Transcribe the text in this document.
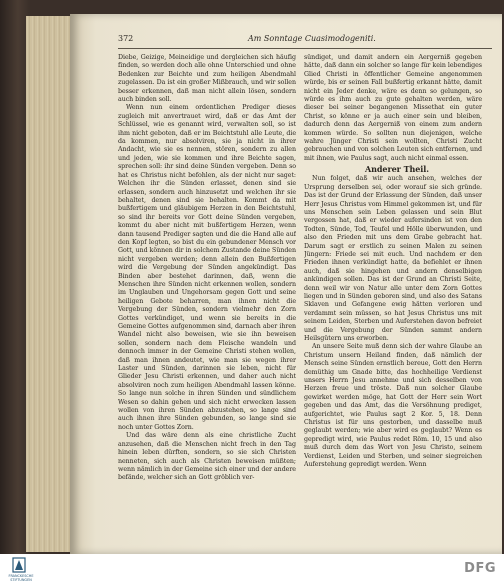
372	Am Sonntage Cuasimodogeniti.

Diebe, Geizige, Meineidige und dergleichen sich häufig finden, so werden doch alle ohne Unterschied und ohne Bedenken zur Beichte und zum heiligen Abendmahl zugelassen. Da ist ein großer Mißbrauch, und wir sollen besser erkennen, daß man nicht allein lösen, sondern auch binden soll.

Wenn nun einem ordentlichen Prediger dieses zugleich mit anvertrauet wird, daß er das Amt der Schlüssel, wie es genannt wird, verwalten soll, so ist ihm nicht geboten, daß er im Beichtstuhl alle Leute, die da kommen, nur absolviren, sie ja nicht in ihrer Andacht, wie sie es nennen, stören, sondern zu allen und jeden, wie sie kommen und ihre Beichte sagen, sprechen soll: ihr sind deine Sünden vergeben. Denn so hat es Christus nicht befohlen, als der nicht nur saget: Welchen ihr die Sünden erlasset, denen sind sie erlassen, sondern auch hinzusetzt und welchen ihr sie behaltet, denen sind sie behalten. Kommt da mit bußfertigem und gläubigem Herzen in den Beichtstuhl, so sind ihr bereits vor Gott deine Sünden vergeben, kommt du aber nicht mit bußfertigem Herzen, wenn dann tausend Prediger sagten und die die Hand alle auf den Kopf legten, so bist du ein gebundener Mensch vor Gott, und können dir in solchem Zustande deine Sünden nicht vergeben werden; denn allein den Bußfertigen wird die Vergebung der Sünden angekündigt. Das Binden aber bestehet darinnen, daß, wenn die Menschen ihre Sünden nicht erkennen wollen, sondern im Unglauben und Ungehorsam gegen Gott und seine heiligen Gebote beharren, man ihnen nicht die Vergebung der Sünden, sondern vielmehr den Zorn Gottes verkündiget, und wenn sie bereits in die Gemeine Gottes aufgenommen sind, darnach aber ihren Wandel nicht also beweisen, wie sie ihn beweisen sollen, sondern nach dem Fleische wandeln und dennoch immer in der Gemeine Christi stehen wollen, daß man ihnen andeutet, wie man sie wegen ihrer Laster und Sünden, darinnen sie leben, nicht für Glieder Jesu Christi erkennen, und daher auch nicht absolviren noch zum heiligen Abendmahl lassen könne. So lange nun solche in ihren Sünden und sündlichem Wesen so dahin gehen und sich nicht erwecken lassen wollen von ihren Sünden abzustehen, so lange sind auch ihnen ihre Sünden gebunden, so lange sind sie noch unter Gottes Zorn.

Und das wäre denn als eine christliche Zucht anzusehen, daß die Menschen nicht frech in den Tag hinein leben dürften, sondern, so sie sich Christen nenneten, sich auch als Christen beweisen müßten; wenn nämlich in der Gemeine sich einer und der andere befände, welcher sich an Gott gröblich ver-

sündiget, und damit andern ein Aergerniß gegeben hätte, daß dann ein solcher so lange für kein lebendiges Glied Christi in öffentlicher Gemeine angenommen würde, bis er seinen Fall bußfertig erkannt hätte, damit nicht ein Jeder denke, wäre es denn so gelungen, so würde es ihm auch zu gute gehalten werden, wäre dieser bei seiner begangenen Missethat ein guter Christ, so könne er ja auch einer sein und bleiben, dadurch denn das Aergerniß von einem zum andern kommen würde. So sollten nun diejenigen, welche wahre Jünger Christi sein wollten, Christi Zucht gebrauchen und von solchen Leuten sich entfernen, und mit ihnen, wie Paulus sagt, auch nicht einmal essen.

Anderer Theil.

Nun folget, daß wir auch ansehen, welches der Ursprung derselben sei, oder worauf sie sich gründe. Das ist der Grund der Erlassung der Sünden, daß unser Herr Jesus Christus vom Himmel gekommen ist, und für uns Menschen sein Leben gelassen und sein Blut vergossen hat, daß er wieder aufersinden ist von den Todten, Sünde, Tod, Teufel und Hölle überwunden, und also den Frieden mit uns dem Grabe gebracht hat. Darum sagt er erstlich zu seinen Malen zu seinen Jüngern: Friede sei mit euch. Und nachdem er den Frieden ihnen verkündigt hatte, da befiehlet er ihnen auch, daß sie hingehen und andern denselbigen ankündigen sollen. Das ist der Grund an Christi Seite, denn weil wir von Natur alle unter dem Zorn Gottes liegen und in Sünden geboren sind, und also des Satans Sklaven und Gefangene ewig hätten verloren und verdammt sein müssen, so hat Jesus Christus uns mit seinem Leiden, Sterben und Auferstehen davon befreiet und die Vergebung der Sünden sammt andern Heilsgütern uns erworben.

An unsere Seite muß denn sich der wahre Glaube an Christum unsern Heiland finden, daß nämlich der Mensch seine Sünden ernstlich bereue, Gott den Herrn demüthig um Gnade bitte, das hochheilige Verdienst unsers Herrn Jesu annehme und sich desselben von Herzen freue und tröste. Daß nun solcher Glaube gewirket werden möge, hat Gott der Herr sein Wort gegeben und das Amt, das die Versöhnung prediget, aufgerichtet, wie Paulus sagt 2 Kor. 5, 18. Denn Christus ist für uns gestorben, und dasselbe muß geglaubt werden; wie aber wird es geglaubt? Wenn es gepredigt wird, wie Paulus redet Röm. 10, 15 und also muß durch dem das Wort von Jesu Christo, seinem Verdienst, Leiden und Sterben, und seiner siegreichen Auferstehung gepredigt werden. Wenn

FRANCKESCHE STIFTUNGEN
DFG
